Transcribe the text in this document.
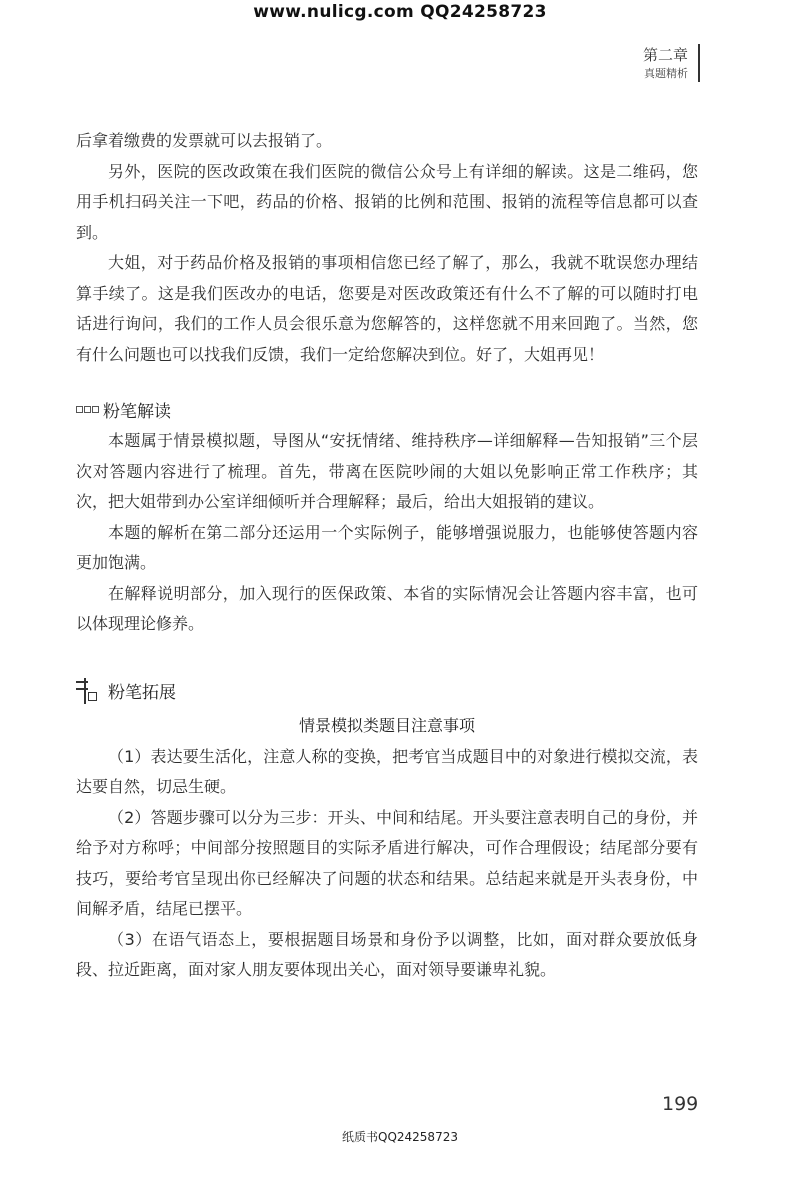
www.nulicg.com QQ24258723
第二章
真题精析

后拿着缴费的发票就可以去报销了。

另外，医院的医改政策在我们医院的微信公众号上有详细的解读。这是二维码，您用手机扫码关注一下吧，药品的价格、报销的比例和范围、报销的流程等信息都可以查到。

大姐，对于药品价格及报销的事项相信您已经了解了，那么，我就不耽误您办理结算手续了。这是我们医改办的电话，您要是对医改政策还有什么不了解的可以随时打电话进行询问，我们的工作人员会很乐意为您解答的，这样您就不用来回跑了。当然，您有什么问题也可以找我们反馈，我们一定给您解决到位。好了，大姐再见！

粉笔解读

本题属于情景模拟题，导图从“安抚情绪、维持秩序—详细解释—告知报销”三个层次对答题内容进行了梳理。首先，带离在医院吵闹的大姐以免影响正常工作秩序；其次，把大姐带到办公室详细倾听并合理解释；最后，给出大姐报销的建议。

本题的解析在第二部分还运用一个实际例子，能够增强说服力，也能够使答题内容更加饱满。

在解释说明部分，加入现行的医保政策、本省的实际情况会让答题内容丰富，也可以体现理论修养。

粉笔拓展
情景模拟类题目注意事项

（1）表达要生活化，注意人称的变换，把考官当成题目中的对象进行模拟交流，表达要自然，切忌生硬。

（2）答题步骤可以分为三步：开头、中间和结尾。开头要注意表明自己的身份，并给予对方称呼；中间部分按照题目的实际矛盾进行解决，可作合理假设；结尾部分要有技巧，要给考官呈现出你已经解决了问题的状态和结果。总结起来就是开头表身份，中间解矛盾，结尾已摆平。

（3）在语气语态上，要根据题目场景和身份予以调整，比如，面对群众要放低身段、拉近距离，面对家人朋友要体现出关心，面对领导要谦卑礼貌。

199
纸质书QQ24258723
